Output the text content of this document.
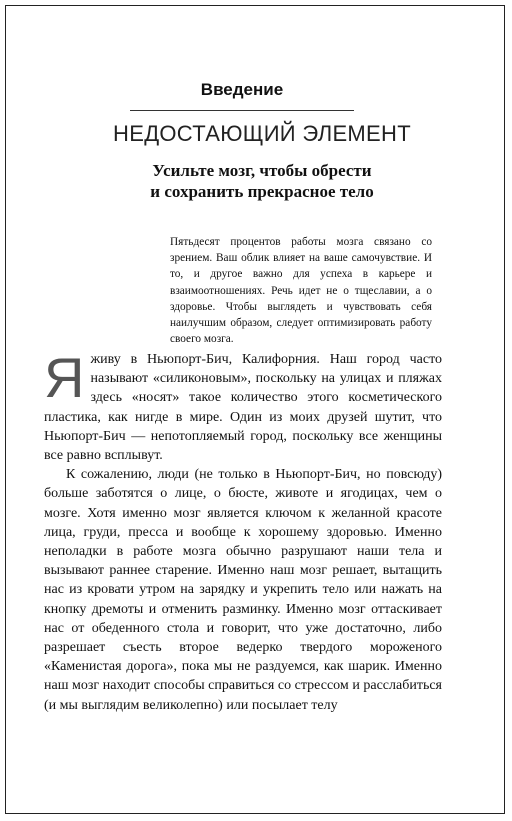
Введение
НЕДОСТАЮЩИЙ ЭЛЕМЕНТ
Усильте мозг, чтобы обрести
и сохранить прекрасное тело
Пятьдесят процентов работы мозга связано со зрением. Ваш облик влияет на ваше самочувствие. И то, и другое важно для успеха в карьере и взаимоотношениях. Речь идет не о тщеславии, а о здоровье. Чтобы выглядеть и чувствовать себя наилучшим образом, следует оптимизировать работу своего мозга.

Я живу в Ньюпорт-Бич, Калифорния. Наш город часто называют «силиконовым», поскольку на улицах и пляжах здесь «носят» такое количество этого косметического пластика, как нигде в мире. Один из моих друзей шутит, что Ньюпорт-Бич — непотопляемый город, поскольку все женщины все равно всплывут.

К сожалению, люди (не только в Ньюпорт-Бич, но повсюду) больше заботятся о лице, о бюсте, животе и ягодицах, чем о мозге. Хотя именно мозг является ключом к желанной красоте лица, груди, пресса и вообще к хорошему здоровью. Именно неполадки в работе мозга обычно разрушают наши тела и вызывают раннее старение. Именно наш мозг решает, вытащить нас из кровати утром на зарядку и укрепить тело или нажать на кнопку дремоты и отменить разминку. Именно мозг оттаскивает нас от обеденного стола и говорит, что уже достаточно, либо разрешает съесть второе ведерко твердого мороженого «Каменистая дорога», пока мы не раздуемся, как шарик. Именно наш мозг находит способы справиться со стрессом и расслабиться (и мы выглядим великолепно) или посылает телу
